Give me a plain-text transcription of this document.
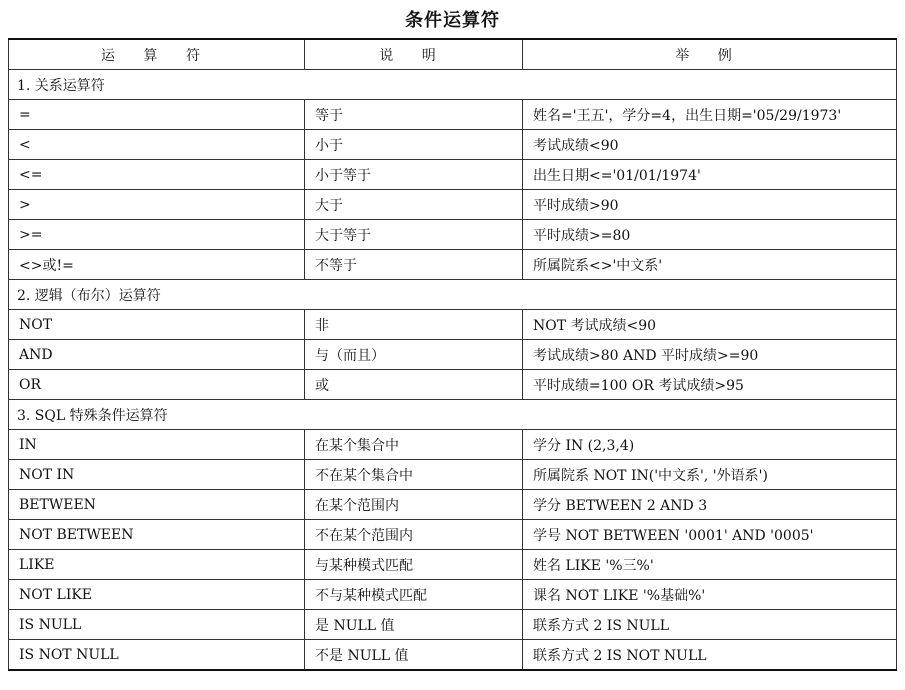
条件运算符
运 算 符	说 明	举 例
1. 关系运算符		
=	等于	姓名='王五'，学分=4，出生日期='05/29/1973'
<	小于	考试成绩<90
<=	小于等于	出生日期<='01/01/1974'
>	大于	平时成绩>90
>=	大于等于	平时成绩>=80
<>或!=	不等于	所属院系<>'中文系'
2. 逻辑（布尔）运算符		
NOT	非	NOT 考试成绩<90
AND	与（而且）	考试成绩>80 AND 平时成绩>=90
OR	或	平时成绩=100 OR 考试成绩>95
3. SQL 特殊条件运算符		
IN	在某个集合中	学分 IN (2,3,4)
NOT IN	不在某个集合中	所属院系 NOT IN('中文系', '外语系')
BETWEEN	在某个范围内	学分 BETWEEN 2 AND 3
NOT BETWEEN	不在某个范围内	学号 NOT BETWEEN '0001' AND '0005'
LIKE	与某种模式匹配	姓名 LIKE '%三%'
NOT LIKE	不与某种模式匹配	课名 NOT LIKE '%基础%'
IS NULL	是 NULL 值	联系方式 2 IS NULL
IS NOT NULL	不是 NULL 值	联系方式 2 IS NOT NULL
